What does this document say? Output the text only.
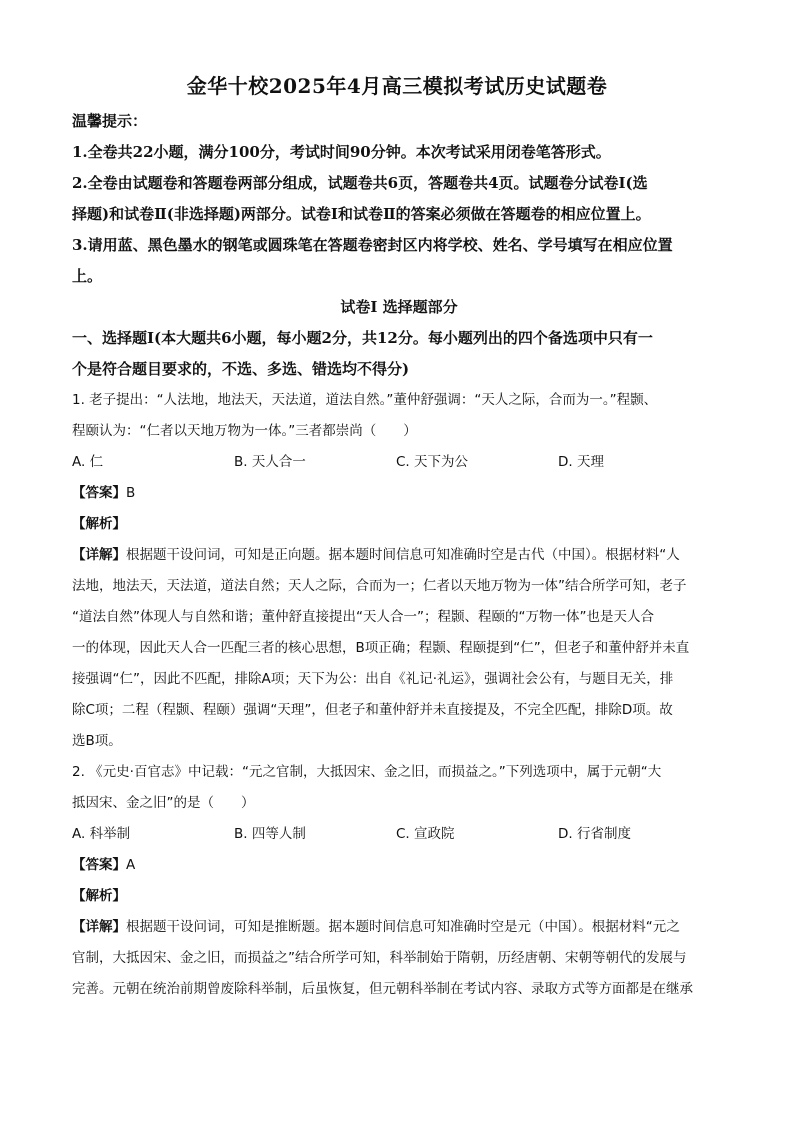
金华十校2025年4月高三模拟考试历史试题卷

温馨提示：

1.全卷共22小题，满分100分，考试时间90分钟。本次考试采用闭卷笔答形式。

2.全卷由试题卷和答题卷两部分组成，试题卷共6页，答题卷共4页。试题卷分试卷Ⅰ(选

择题)和试卷Ⅱ(非选择题)两部分。试卷Ⅰ和试卷Ⅱ的答案必须做在答题卷的相应位置上。

3.请用蓝、黑色墨水的钢笔或圆珠笔在答题卷密封区内将学校、姓名、学号填写在相应位置

上。

试卷Ⅰ 选择题部分

一、选择题Ⅰ(本大题共6小题，每小题2分，共12分。每小题列出的四个备选项中只有一

个是符合题目要求的，不选、多选、错选均不得分)

1. 老子提出：“人法地，地法天，天法道，道法自然。”董仲舒强调：“天人之际，合而为一。”程颢、

程颐认为：“仁者以天地万物为一体。”三者都崇尚（　　）

A. 仁	B. 天人合一	C. 天下为公	D. 天理

【答案】B

【解析】

【详解】根据题干设问词，可知是正向题。据本题时间信息可知准确时空是古代（中国）。根据材料“人

法地，地法天，天法道，道法自然；天人之际，合而为一；仁者以天地万物为一体”结合所学可知，老子

“道法自然”体现人与自然和谐；董仲舒直接提出“天人合一”；程颢、程颐的“万物一体”也是天人合

一的体现，因此天人合一匹配三者的核心思想，B项正确；程颢、程颐提到“仁”，但老子和董仲舒并未直

接强调“仁”，因此不匹配，排除A项；天下为公：出自《礼记·礼运》，强调社会公有，与题目无关，排

除C项；二程（程颢、程颐）强调“天理”，但老子和董仲舒并未直接提及，不完全匹配，排除D项。故

选B项。

2. 《元史·百官志》中记载：“元之官制，大抵因宋、金之旧，而损益之。”下列选项中，属于元朝“大

抵因宋、金之旧”的是（　　）

A. 科举制	B. 四等人制	C. 宣政院	D. 行省制度

【答案】A

【解析】

【详解】根据题干设问词，可知是推断题。据本题时间信息可知准确时空是元（中国）。根据材料“元之

官制，大抵因宋、金之旧，而损益之”结合所学可知，科举制始于隋朝，历经唐朝、宋朝等朝代的发展与

完善。元朝在统治前期曾废除科举制，后虽恢复，但元朝科举制在考试内容、录取方式等方面都是在继承
